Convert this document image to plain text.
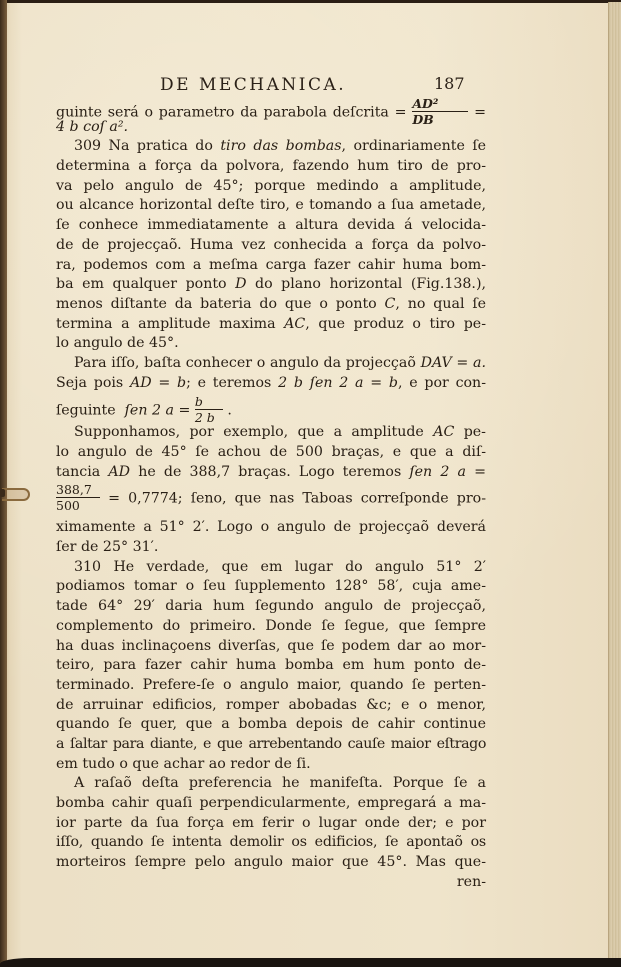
DE MECHANICA.	187
guinte será o parametro da parabola deſcrita = $\frac{\text{AD²}}{DB}$ =
4 b coſ a².
309 Na pratica do tiro das bombas, ordinariamente ſe
determina a força da polvora, fazendo hum tiro de pro-
va pelo angulo de 45°; porque medindo a amplitude,
ou alcance horizontal deſte tiro, e tomando a ſua ametade,
ſe conhece immediatamente a altura devida á velocida-
de de projecçaõ. Huma vez conhecida a força da polvo-
ra, podemos com a meſma carga fazer cahir huma bom-
ba em qualquer ponto D do plano horizontal (Fig.138.),
menos diſtante da bateria do que o ponto C, no qual ſe
termina a amplitude maxima AC, que produz o tiro pe-
lo angulo de 45°.
Para iſſo, baſta conhecer o angulo da projecçaõ DAV = a.
Seja pois AD = b; e teremos 2 b ſen 2 a = b, e por con-
ſeguinte ſen 2 $a = \frac{b}{2 b}$ .
Supponhamos, por exemplo, que a amplitude AC pe-
lo angulo de 45° ſe achou de 500 braças, e que a diſ-
tancia AD he de 388,7 braças. Logo teremos ſen 2 a =
$\frac{388,7}{500} = 0,7774$; ſeno, que nas Taboas correſponde pro-
ximamente a 51° 2′. Logo o angulo de projecçaõ deverá
ſer de 25° 31′.
310 He verdade, que em lugar do angulo 51° 2′
podiamos tomar o ſeu ſupplemento 128° 58′, cuja ame-
tade 64° 29′ daria hum ſegundo angulo de projecçaõ,
complemento do primeiro. Donde ſe ſegue, que ſempre
ha duas inclinaçoens diverſas, que ſe podem dar ao mor-
teiro, para fazer cahir huma bomba em hum ponto de-
terminado. Prefere-ſe o angulo maior, quando ſe perten-
de arruinar edificios, romper abobadas &c; e o menor,
quando ſe quer, que a bomba depois de cahir continue
a ſaltar para diante, e que arrebentando cauſe maior eſtrago
em tudo o que achar ao redor de ſi.
A raſaõ deſta preferencia he manifeſta. Porque ſe a
bomba cahir quaſi perpendicularmente, empregará a ma-
ior parte da ſua força em ferir o lugar onde der; e por
iſſo, quando ſe intenta demolir os edificios, ſe apontaõ os
morteiros ſempre pelo angulo maior que 45°. Mas que-
ren-
